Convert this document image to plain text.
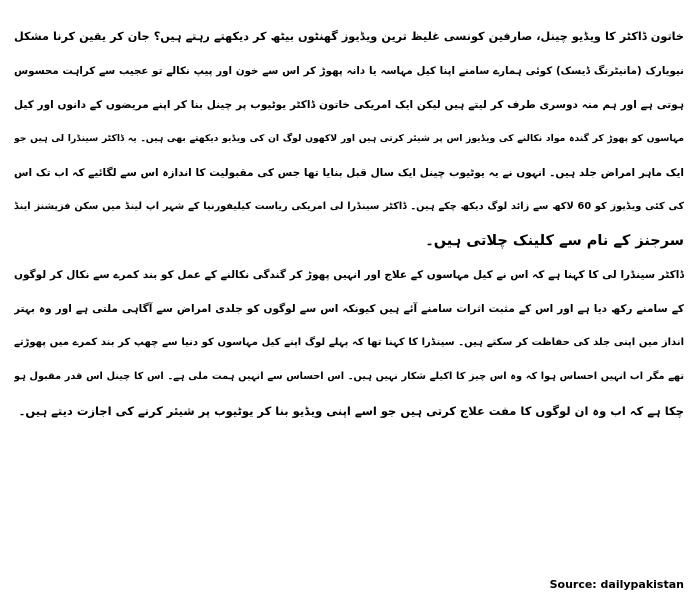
خاتون ڈاکٹر کا ویڈیو چینل، صارفین کونسی غلیظ ترین ویڈیوز گھنٹوں بیٹھ کر دیکھتے رہتے ہیں؟ جان کر یقین کرنا مشکل
نیویارک (مانیٹرنگ ڈیسک) کوئی ہمارے سامنے اپنا کیل مہاسہ یا دانہ پھوڑ کر اس سے خون اور پیپ نکالے تو عجیب سے کراہت محسوس
ہوتی ہے اور ہم منہ دوسری طرف کر لیتے ہیں لیکن ایک امریکی خاتون ڈاکٹر یوٹیوب پر چینل بنا کر اپنے مریضوں کے دانوں اور کیل
مہاسوں کو پھوڑ کر گندہ مواد نکالنے کی ویڈیوز اس پر شیئر کرتی ہیں اور لاکھوں لوگ ان کی ویڈیو دیکھتے بھی ہیں۔ یہ ڈاکٹر سینڈرا لی ہیں جو
ایک ماہر امراض جلد ہیں۔ انہوں نے یہ یوٹیوب چینل ایک سال قبل بنایا تھا جس کی مقبولیت کا اندازہ اس سے لگائیے کہ اب تک اس
کی کئی ویڈیوز کو 60 لاکھ سے زائد لوگ دیکھ چکے ہیں۔ ڈاکٹر سینڈرا لی امریکی ریاست کیلیفورنیا کے شہر اپ لینڈ میں سکن فزیشنز اینڈ
سرجنز کے نام سے کلینک چلاتی ہیں۔

ڈاکٹر سینڈرا لی کا کہنا ہے کہ اس نے کیل مہاسوں کے علاج اور انہیں پھوڑ کر گندگی نکالنے کے عمل کو بند کمرے سے نکال کر لوگوں
کے سامنے رکھ دیا ہے اور اس کے مثبت اثرات سامنے آئے ہیں کیونکہ اس سے لوگوں کو جلدی امراض سے آگاہی ملتی ہے اور وہ بہتر
انداز میں اپنی جلد کی حفاظت کر سکتے ہیں۔ سینڈرا کا کہنا تھا کہ پہلے لوگ اپنے کیل مہاسوں کو دنیا سے چھپ کر بند کمرے میں پھوڑتے
تھے مگر اب انہیں احساس ہوا کہ وہ اس چیز کا اکیلے شکار نہیں ہیں۔ اس احساس سے انہیں ہمت ملی ہے۔ اس کا چینل اس قدر مقبول ہو
چکا ہے کہ اب وہ ان لوگوں کا مفت علاج کرتی ہیں جو اسے اپنی ویڈیو بنا کر یوٹیوب پر شیئر کرنے کی اجازت دیتے ہیں۔

Source: dailypakistan
